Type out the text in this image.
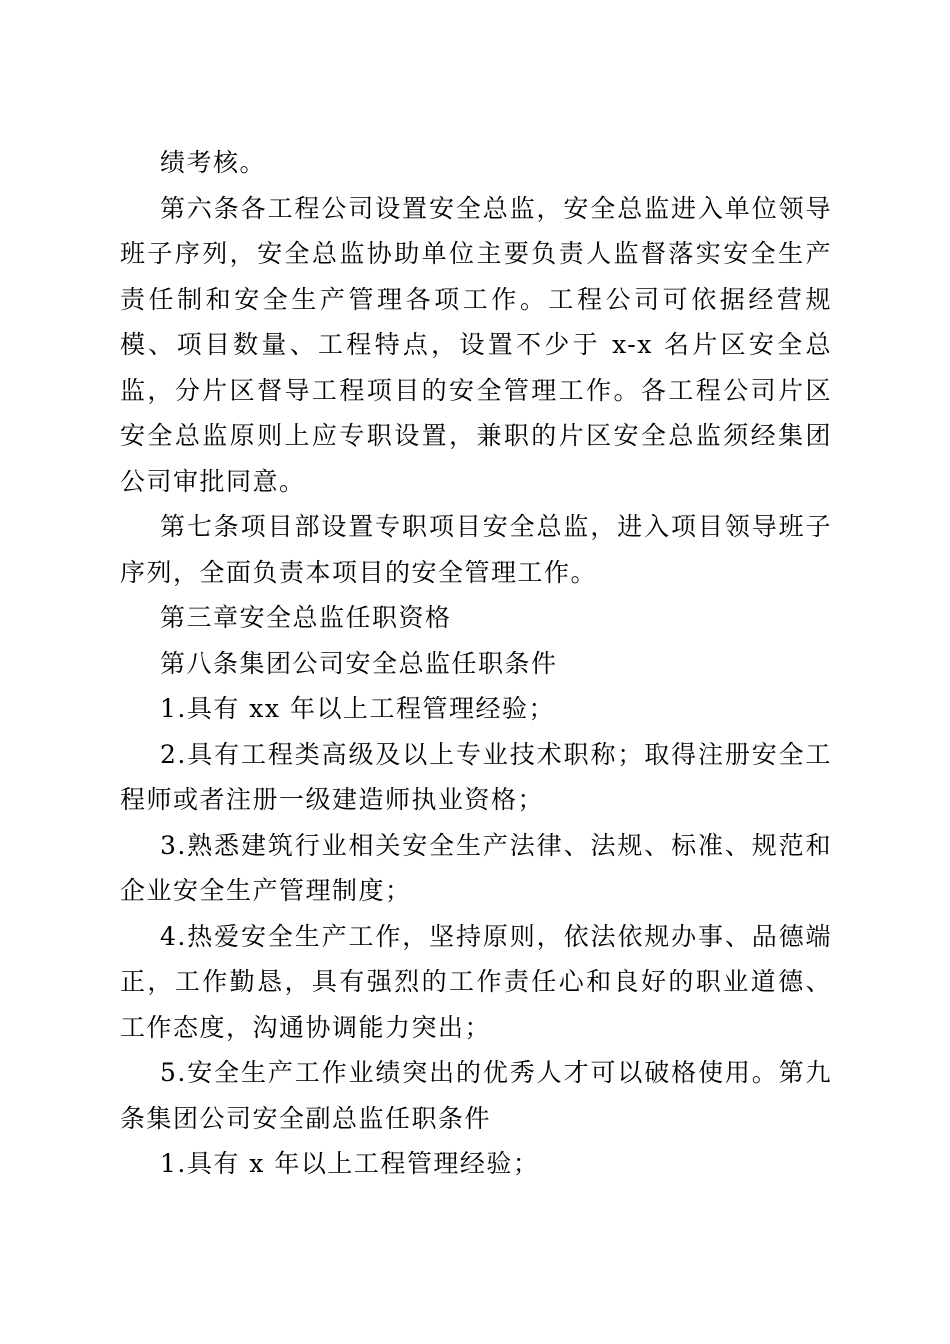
绩考核。

第六条各工程公司设置安全总监，安全总监进入单位领导班子序列，安全总监协助单位主要负责人监督落实安全生产责任制和安全生产管理各项工作。工程公司可依据经营规模、项目数量、工程特点，设置不少于 x-x 名片区安全总监，分片区督导工程项目的安全管理工作。各工程公司片区安全总监原则上应专职设置，兼职的片区安全总监须经集团公司审批同意。

第七条项目部设置专职项目安全总监，进入项目领导班子序列，全面负责本项目的安全管理工作。

第三章安全总监任职资格

第八条集团公司安全总监任职条件

1.具有 xx 年以上工程管理经验；

2.具有工程类高级及以上专业技术职称；取得注册安全工程师或者注册一级建造师执业资格；

3.熟悉建筑行业相关安全生产法律、法规、标准、规范和企业安全生产管理制度；

4.热爱安全生产工作，坚持原则，依法依规办事、品德端正，工作勤恳，具有强烈的工作责任心和良好的职业道德、工作态度，沟通协调能力突出；

5.安全生产工作业绩突出的优秀人才可以破格使用。第九条集团公司安全副总监任职条件

1.具有 x 年以上工程管理经验；
